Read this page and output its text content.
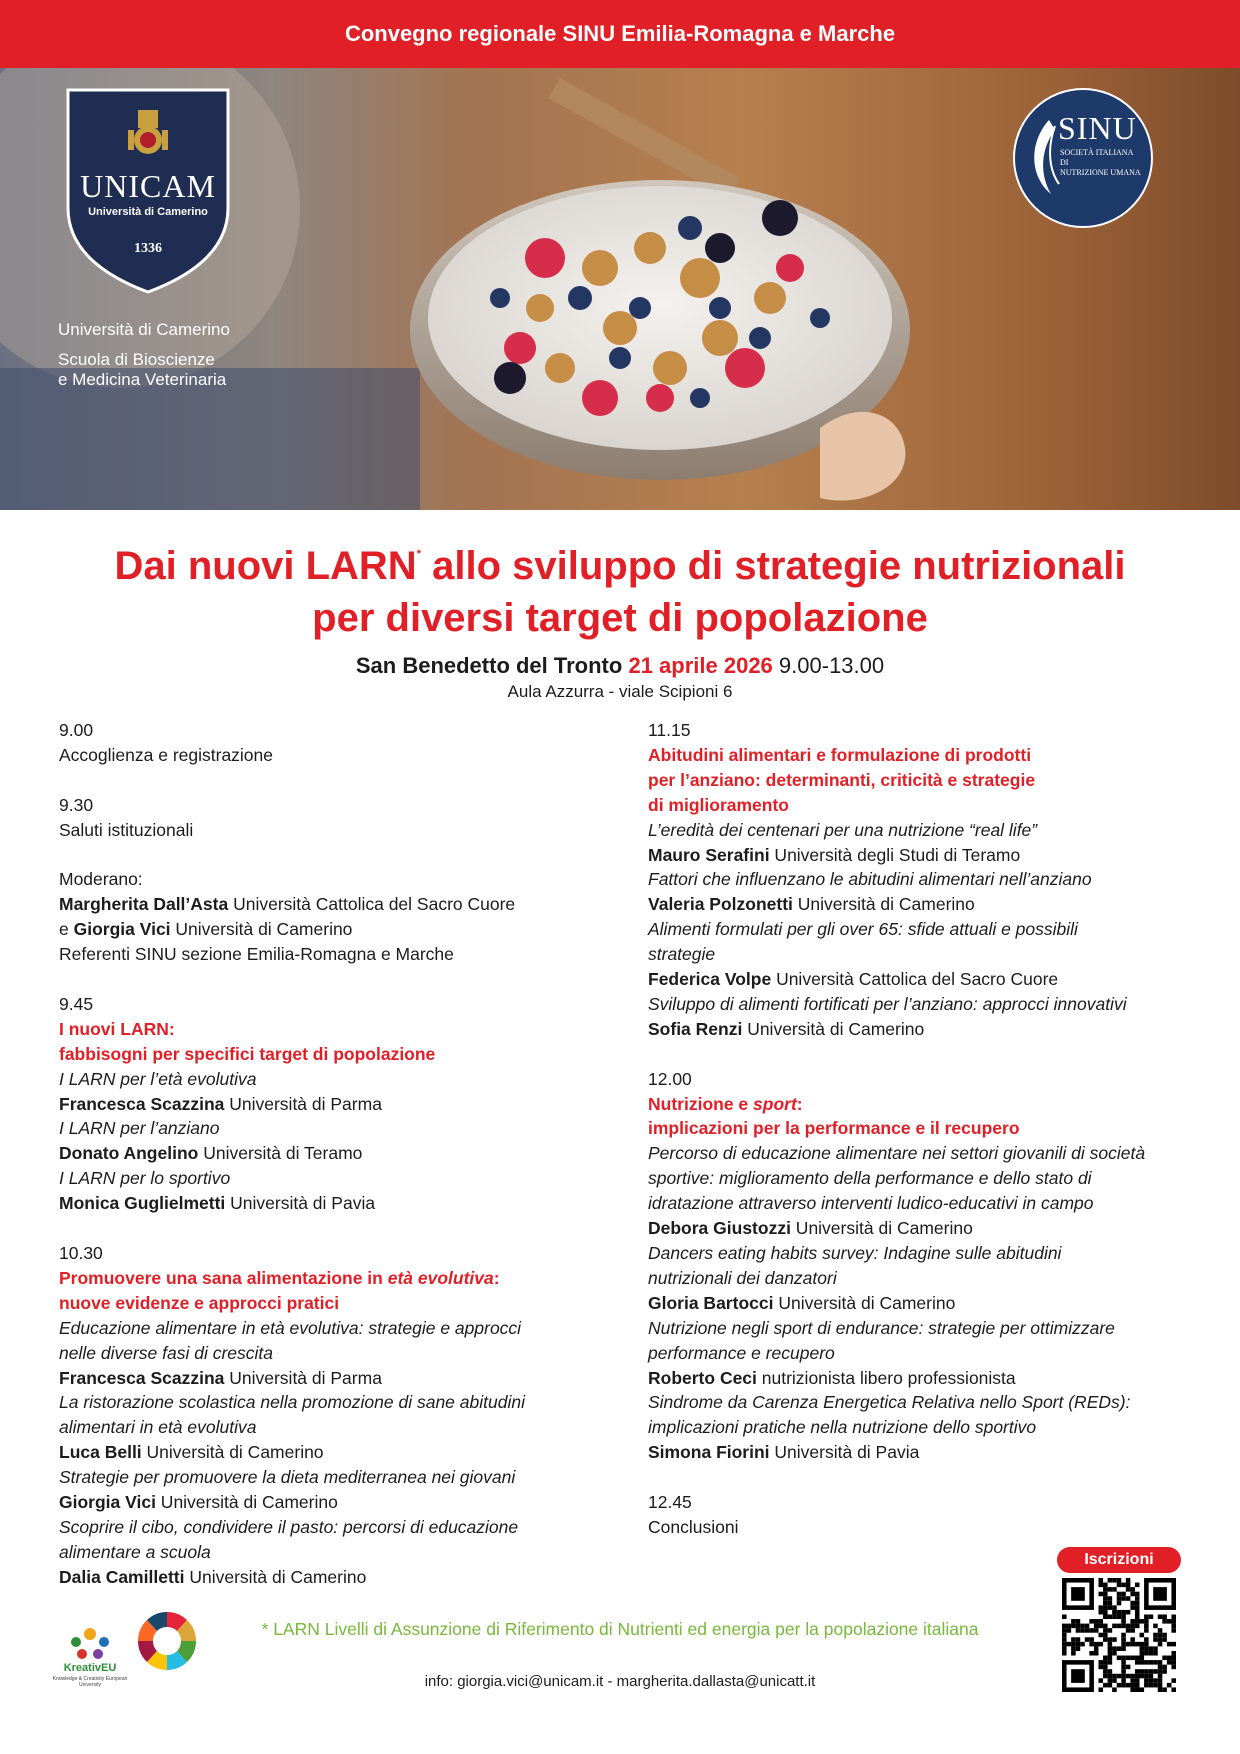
Convegno regionale SINU Emilia-Romagna e Marche
UNICAM
Università di Camerino
1336
Università di Camerino
Scuola di Bioscienze
e Medicina Veterinaria
SINU
SOCIETÀ ITALIANA DI
NUTRIZIONE UMANA
Dai nuovi LARN* allo sviluppo di strategie nutrizionali
per diversi target di popolazione
San Benedetto del Tronto 21 aprile 2026 9.00-13.00
Aula Azzurra - viale Scipioni 6
9.00
Accoglienza e registrazione
9.30
Saluti istituzionali
Moderano:
Margherita Dall’Asta Università Cattolica del Sacro Cuore
e Giorgia Vici Università di Camerino
Referenti SINU sezione Emilia-Romagna e Marche
9.45
I nuovi LARN:
fabbisogni per specifici target di popolazione
I LARN per l’età evolutiva
Francesca Scazzina Università di Parma
I LARN per l’anziano
Donato Angelino Università di Teramo
I LARN per lo sportivo
Monica Guglielmetti Università di Pavia
10.30
Promuovere una sana alimentazione in età evolutiva:
nuove evidenze e approcci pratici
Educazione alimentare in età evolutiva: strategie e approcci
nelle diverse fasi di crescita
Francesca Scazzina Università di Parma
La ristorazione scolastica nella promozione di sane abitudini
alimentari in età evolutiva
Luca Belli Università di Camerino
Strategie per promuovere la dieta mediterranea nei giovani
Giorgia Vici Università di Camerino
Scoprire il cibo, condividere il pasto: percorsi di educazione
alimentare a scuola
Dalia Camilletti Università di Camerino
11.15
Abitudini alimentari e formulazione di prodotti
per l’anziano: determinanti, criticità e strategie
di miglioramento
L’eredità dei centenari per una nutrizione “real life”
Mauro Serafini Università degli Studi di Teramo
Fattori che influenzano le abitudini alimentari nell’anziano
Valeria Polzonetti Università di Camerino
Alimenti formulati per gli over 65: sfide attuali e possibili
strategie
Federica Volpe Università Cattolica del Sacro Cuore
Sviluppo di alimenti fortificati per l’anziano: approcci innovativi
Sofia Renzi Università di Camerino
12.00
Nutrizione e sport:
implicazioni per la performance e il recupero
Percorso di educazione alimentare nei settori giovanili di società
sportive: miglioramento della performance e dello stato di
idratazione attraverso interventi ludico-educativi in campo
Debora Giustozzi Università di Camerino
Dancers eating habits survey: Indagine sulle abitudini
nutrizionali dei danzatori
Gloria Bartocci Università di Camerino
Nutrizione negli sport di endurance: strategie per ottimizzare
performance e recupero
Roberto Ceci nutrizionista libero professionista
Sindrome da Carenza Energetica Relativa nello Sport (REDs):
implicazioni pratiche nella nutrizione dello sportivo
Simona Fiorini Università di Pavia
12.45
Conclusioni
KreativEU
Knowledge & Creativity European University
* LARN Livelli di Assunzione di Riferimento di Nutrienti ed energia per la popolazione italiana
info: giorgia.vici@unicam.it - margherita.dallasta@unicatt.it
Iscrizioni
